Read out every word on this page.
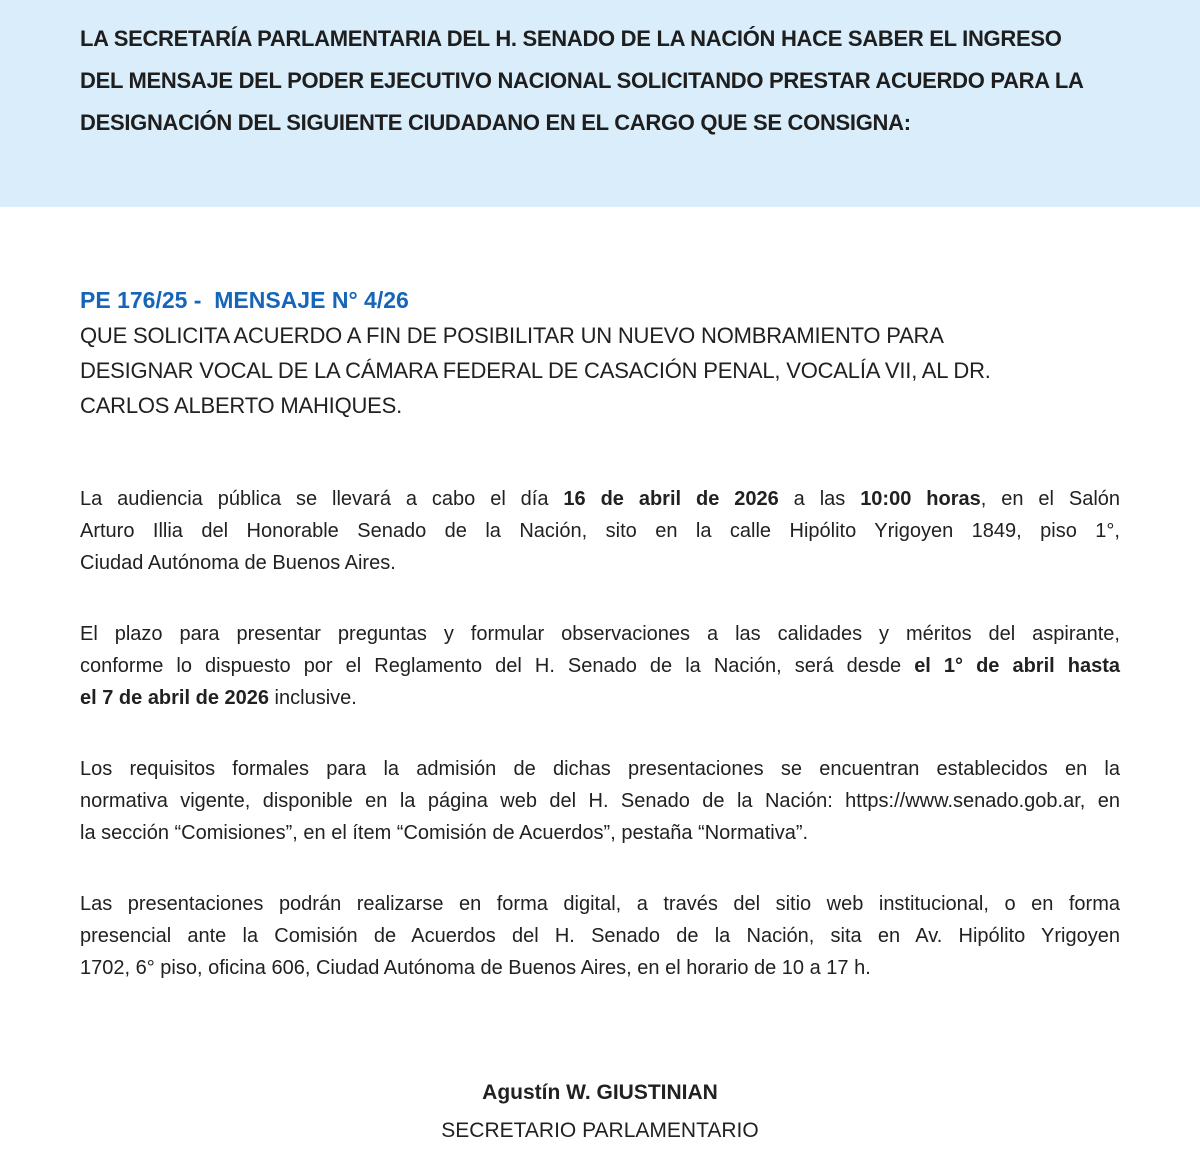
LA SECRETARÍA PARLAMENTARIA DEL H. SENADO DE LA NACIÓN HACE SABER EL INGRESO
DEL MENSAJE DEL PODER EJECUTIVO NACIONAL SOLICITANDO PRESTAR ACUERDO PARA LA
DESIGNACIÓN DEL SIGUIENTE CIUDADANO EN EL CARGO QUE SE CONSIGNA:
PE 176/25 -  MENSAJE N° 4/26
QUE SOLICITA ACUERDO A FIN DE POSIBILITAR UN NUEVO NOMBRAMIENTO PARA
DESIGNAR VOCAL DE LA CÁMARA FEDERAL DE CASACIÓN PENAL, VOCALÍA VII, AL DR.
CARLOS ALBERTO MAHIQUES.
La audiencia pública se llevará a cabo el día 16 de abril de 2026 a las 10:00 horas, en el Salón
Arturo Illia del Honorable Senado de la Nación, sito en la calle Hipólito Yrigoyen 1849, piso 1°,
Ciudad Autónoma de Buenos Aires.
El plazo para presentar preguntas y formular observaciones a las calidades y méritos del aspirante,
conforme lo dispuesto por el Reglamento del H. Senado de la Nación, será desde el 1° de abril hasta
el 7 de abril de 2026 inclusive.
Los requisitos formales para la admisión de dichas presentaciones se encuentran establecidos en la
normativa vigente, disponible en la página web del H. Senado de la Nación: https://www.senado.gob.ar, en
la sección “Comisiones”, en el ítem “Comisión de Acuerdos”, pestaña “Normativa”.
Las presentaciones podrán realizarse en forma digital, a través del sitio web institucional, o en forma
presencial ante la Comisión de Acuerdos del H. Senado de la Nación, sita en Av. Hipólito Yrigoyen
1702, 6° piso, oficina 606, Ciudad Autónoma de Buenos Aires, en el horario de 10 a 17 h.
Agustín W. GIUSTINIAN
SECRETARIO PARLAMENTARIO
